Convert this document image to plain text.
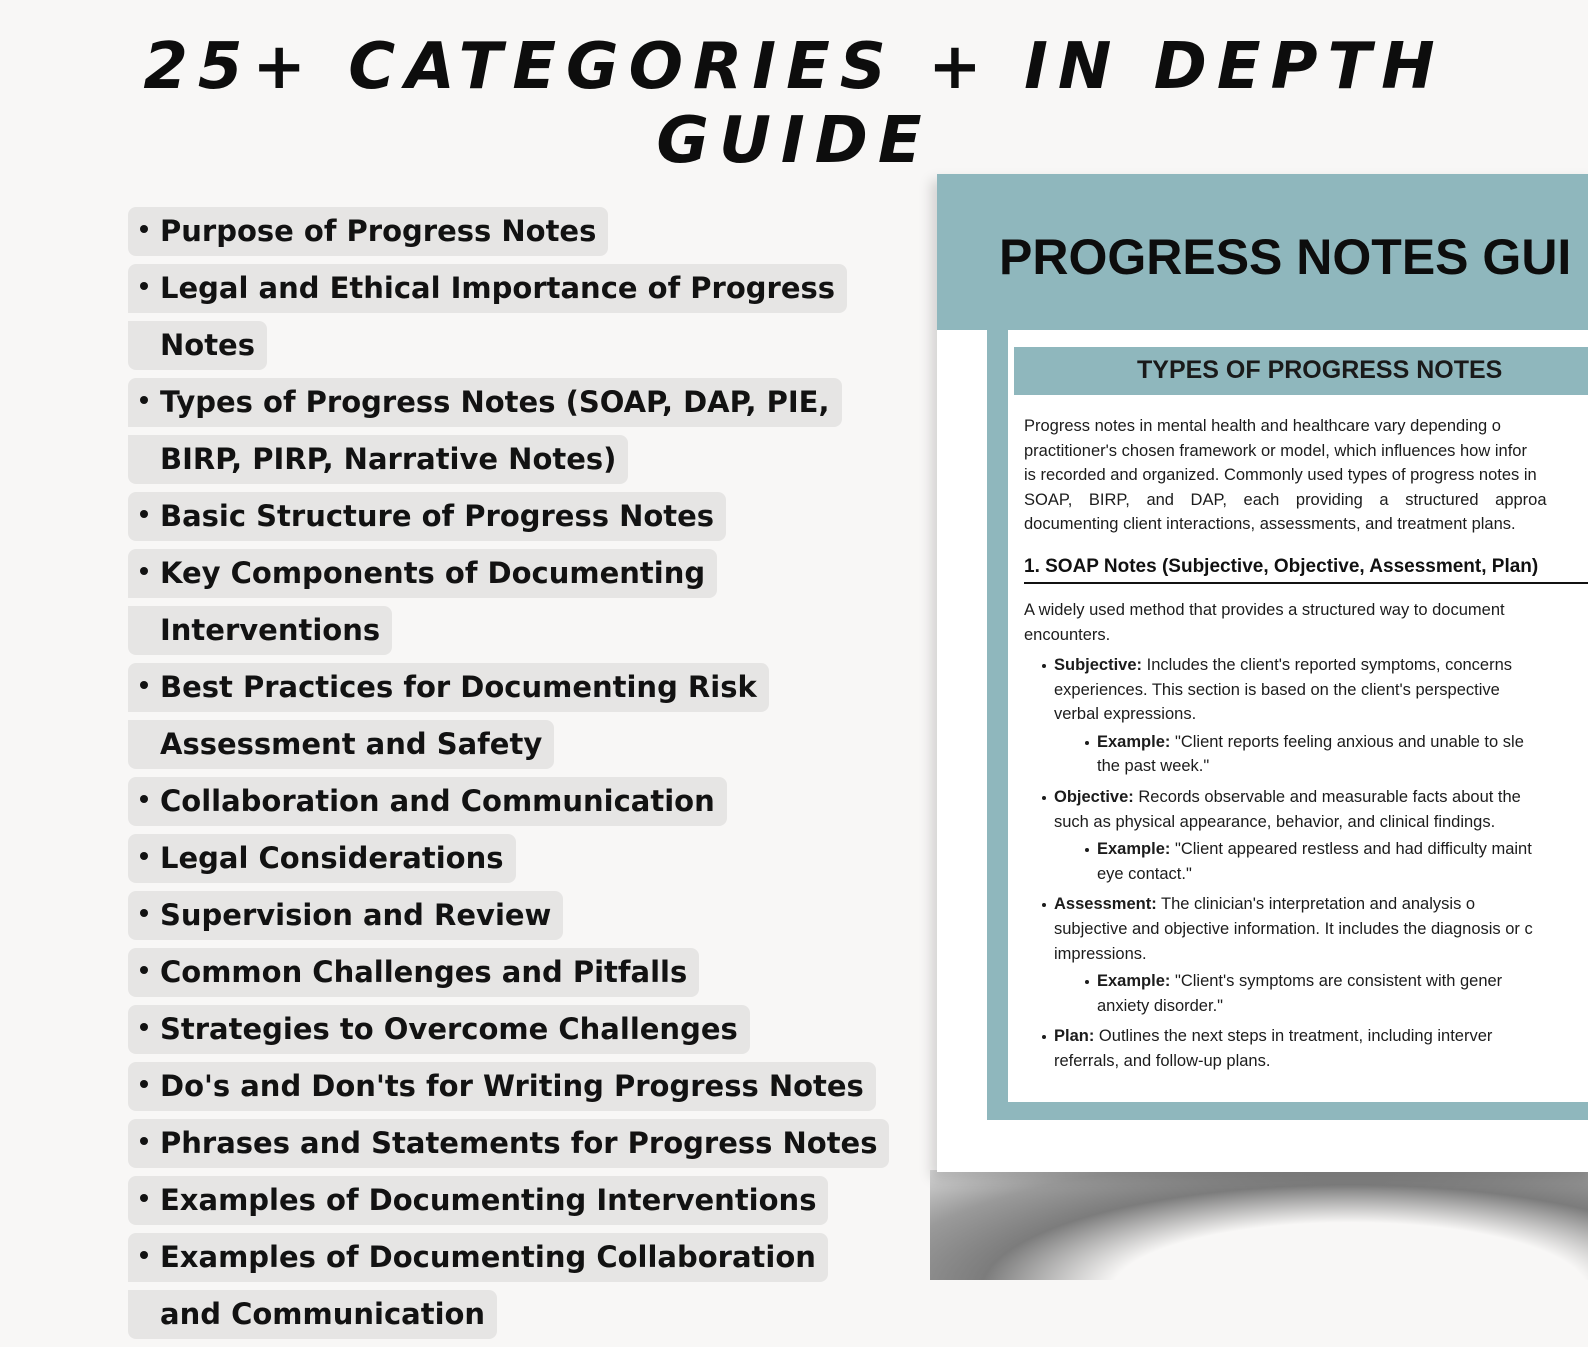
25+ CATEGORIES + IN DEPTH GUIDE
Purpose of Progress Notes
Legal and Ethical Importance of Progress
Notes
Types of Progress Notes (SOAP, DAP, PIE,
BIRP, PIRP, Narrative Notes)
Basic Structure of Progress Notes
Key Components of Documenting
Interventions
Best Practices for Documenting Risk
Assessment and Safety
Collaboration and Communication
Legal Considerations
Supervision and Review
Common Challenges and Pitfalls
Strategies to Overcome Challenges
Do's and Don'ts for Writing Progress Notes
Phrases and Statements for Progress Notes
Examples of Documenting Interventions
Examples of Documenting Collaboration
and Communication
PROGRESS NOTES GUI
TYPES OF PROGRESS NOTES
Progress notes in mental health and healthcare vary depending o
practitioner's chosen framework or model, which influences how infor
is recorded and organized. Commonly used types of progress notes in
SOAP, BIRP, and DAP, each providing a structured approa
documenting client interactions, assessments, and treatment plans.
1. SOAP Notes (Subjective, Objective, Assessment, Plan)
A widely used method that provides a structured way to document
encounters.
Subjective: Includes the client's reported symptoms, concerns
experiences. This section is based on the client's perspective
verbal expressions.
Example: "Client reports feeling anxious and unable to sle
the past week."
Objective: Records observable and measurable facts about the
such as physical appearance, behavior, and clinical findings.
Example: "Client appeared restless and had difficulty maint
eye contact."
Assessment: The clinician's interpretation and analysis o
subjective and objective information. It includes the diagnosis or c
impressions.
Example: "Client's symptoms are consistent with gener
anxiety disorder."
Plan: Outlines the next steps in treatment, including interver
referrals, and follow-up plans.
